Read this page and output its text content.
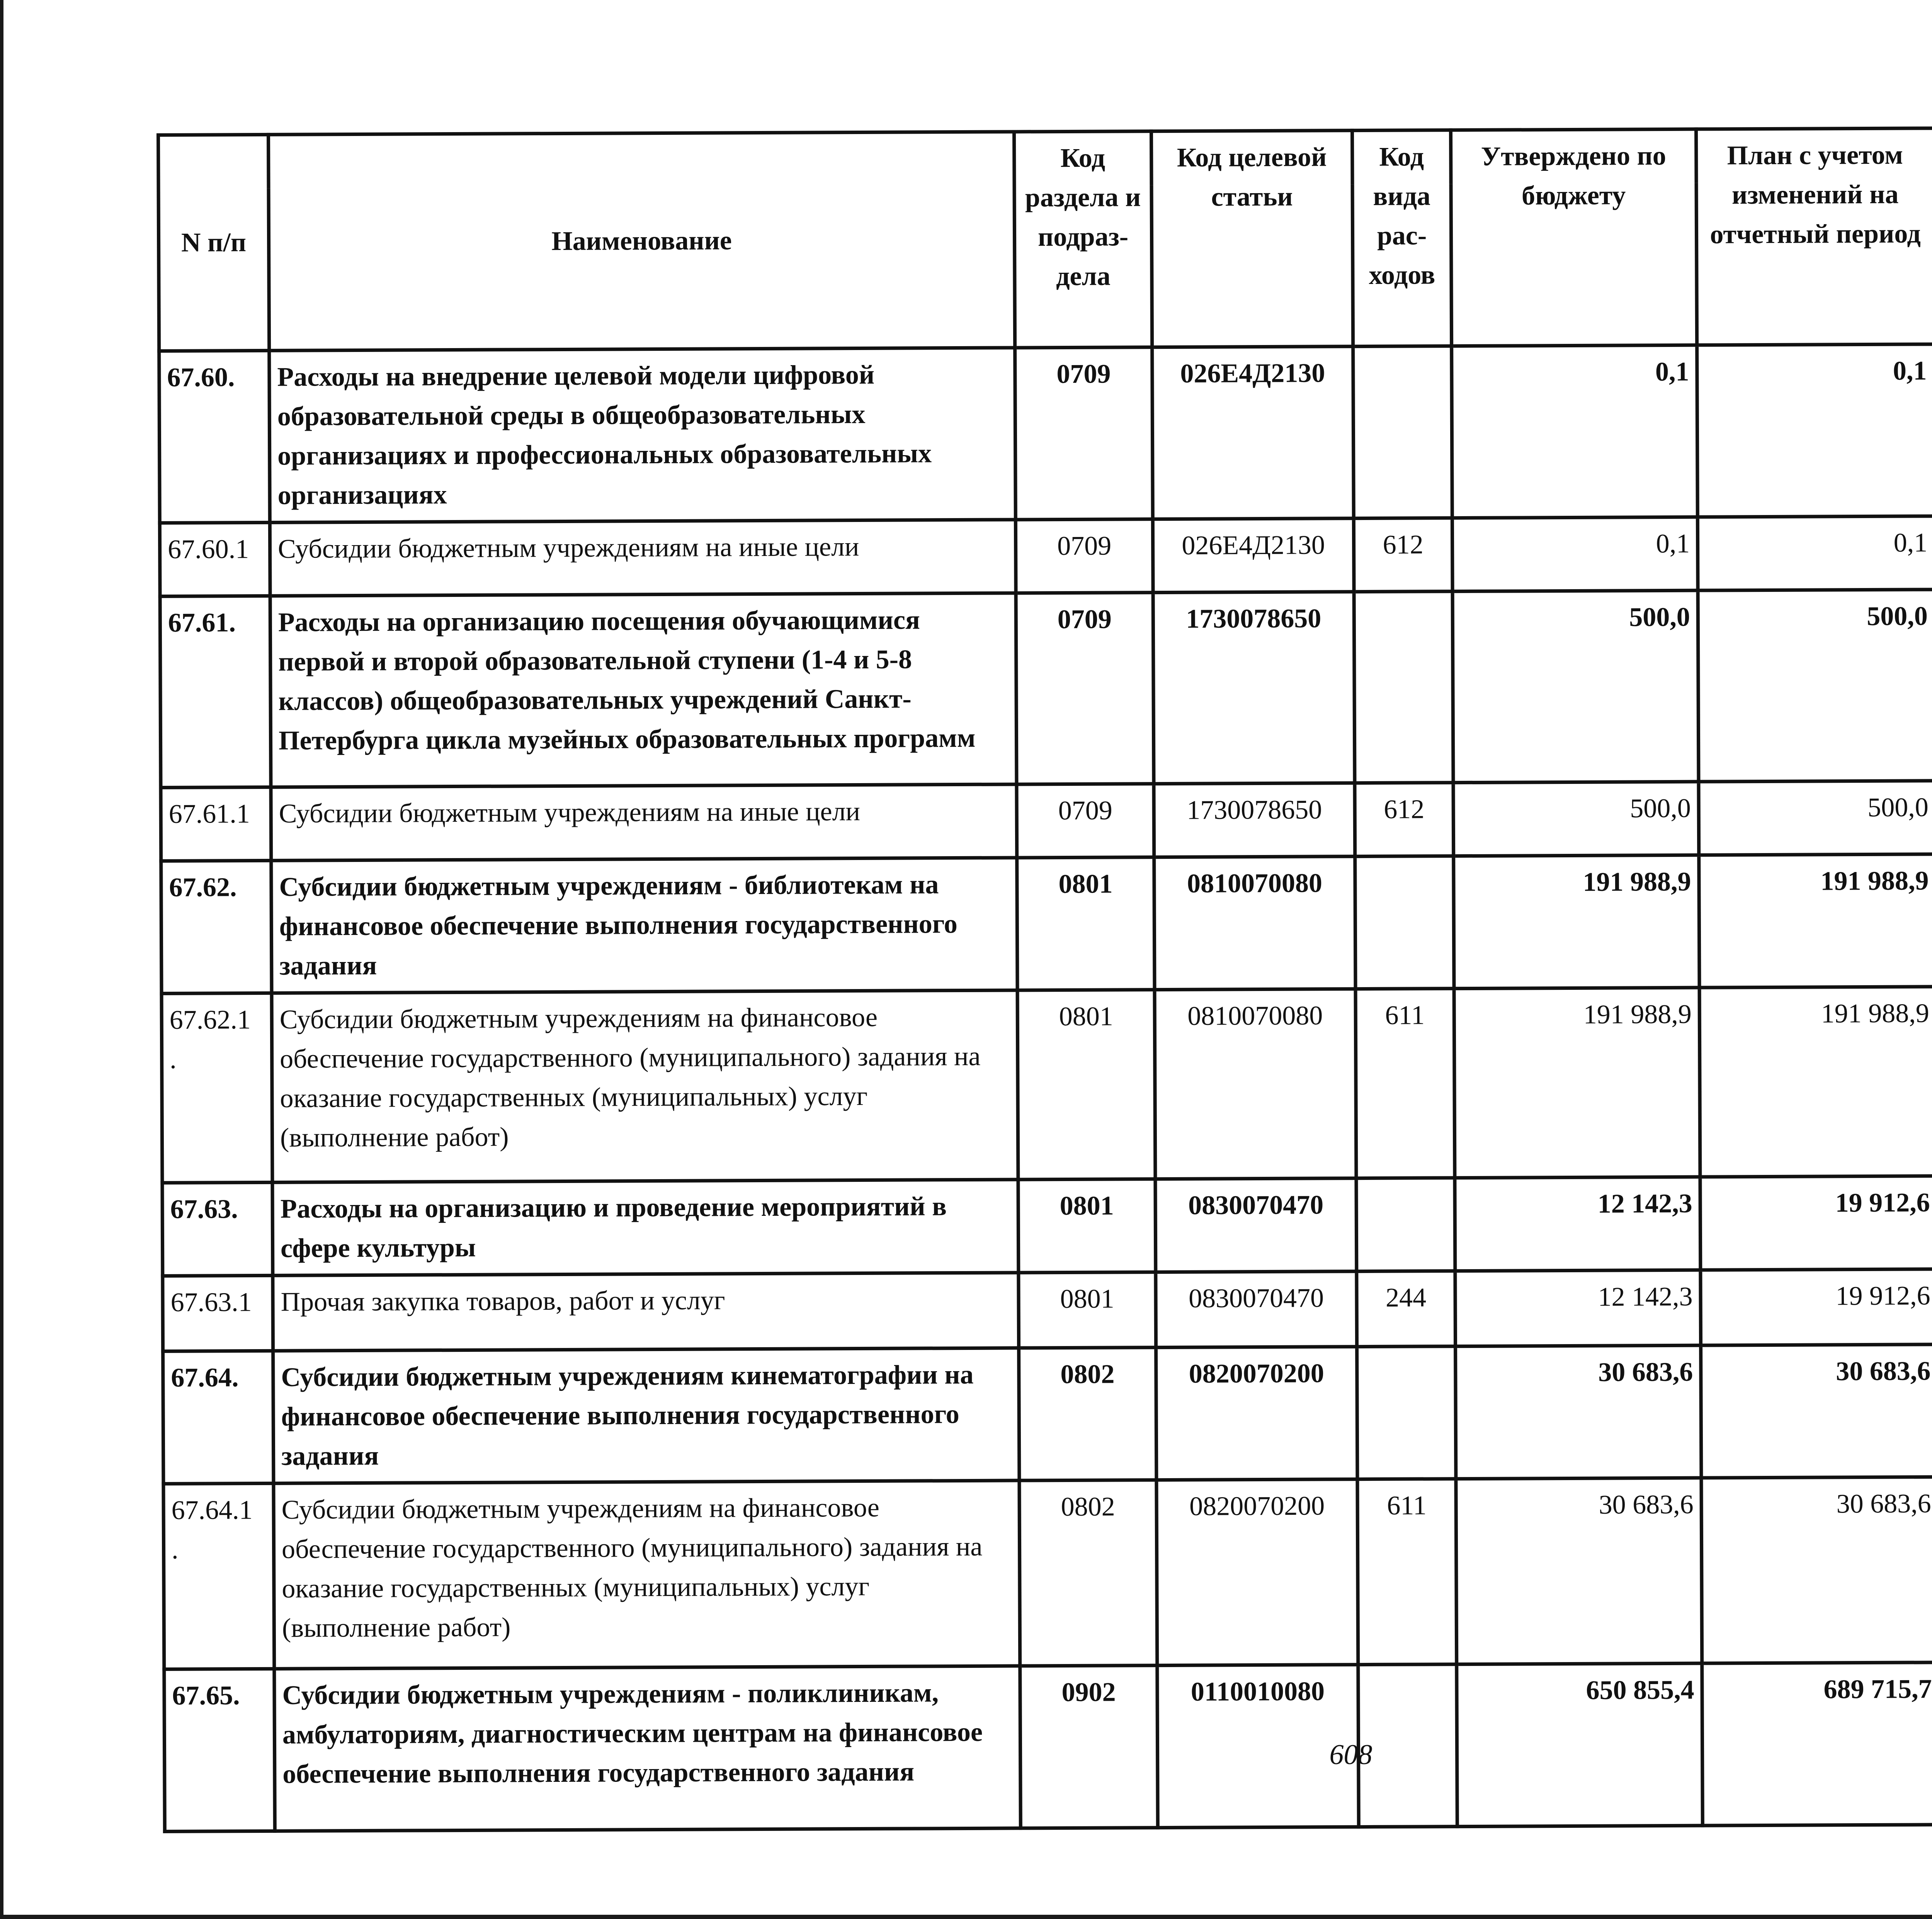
N п/п	Наименование	Код раздела и подраз- дела	Код целевой статьи	Код вида рас- ходов	Утверждено по бюджету	План с учетом изменений на отчетный период		

67.60.	Расходы на внедрение целевой модели цифровой образовательной среды в общеобразовательных организациях и профессиональных образовательных организациях	0709	026E4Д2130		0,1	0,1			
67.60.1	Субсидии бюджетным учреждениям на иные цели	0709	026E4Д2130	612	0,1	0,1			
67.61.	Расходы на организацию посещения обучающимися первой и второй образовательной ступени (1-4 и 5-8 классов) общеобразовательных учреждений Санкт-Петербурга цикла музейных образовательных программ	0709	1730078650		500,0	500,0			
67.61.1	Субсидии бюджетным учреждениям на иные цели	0709	1730078650	612	500,0	500,0			
67.62.	Субсидии бюджетным учреждениям - библиотекам на финансовое обеспечение выполнения государственного задания	0801	0810070080		191 988,9	191 988,9			
67.62.1 .	Субсидии бюджетным учреждениям на финансовое обеспечение государственного (муниципального) задания на оказание государственных (муниципальных) услуг (выполнение работ)	0801	0810070080	611	191 988,9	191 988,9			
67.63.	Расходы на организацию и проведение мероприятий в сфере культуры	0801	0830070470		12 142,3	19 912,6			
67.63.1	Прочая закупка товаров, работ и услуг	0801	0830070470	244	12 142,3	19 912,6			
67.64.	Субсидии бюджетным учреждениям кинематографии на финансовое обеспечение выполнения государственного задания	0802	0820070200		30 683,6	30 683,6			
67.64.1 .	Субсидии бюджетным учреждениям на финансовое обеспечение государственного (муниципального) задания на оказание государственных (муниципальных) услуг (выполнение работ)	0802	0820070200	611	30 683,6	30 683,6			
67.65.	Субсидии бюджетным учреждениям - поликлиникам, амбулаториям, диагностическим центрам на финансовое обеспечение выполнения государственного задания	0902	0110010080		650 855,4	689 715,7			
608
